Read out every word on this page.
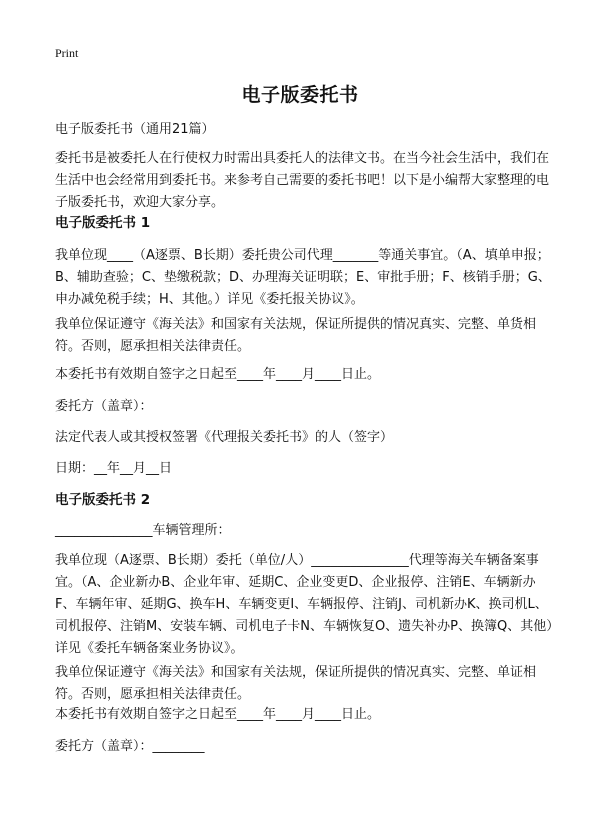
Print
电子版委托书

电子版委托书（通用21篇）

委托书是被委托人在行使权力时需出具委托人的法律文书。在当今社会生活中，我们在生活中也会经常用到委托书。来参考自己需要的委托书吧！以下是小编帮大家整理的电子版委托书，欢迎大家分享。

电子版委托书 1

我单位现____（A逐票、B长期）委托贵公司代理_______等通关事宜。（A、填单申报；B、辅助查验；C、垫缴税款；D、办理海关证明联；E、审批手册；F、核销手册；G、申办减免税手续；H、其他。）详见《委托报关协议》。

我单位保证遵守《海关法》和国家有关法规，保证所提供的情况真实、完整、单货相符。否则，愿承担相关法律责任。

本委托书有效期自签字之日起至____年____月____日止。

委托方（盖章）：

法定代表人或其授权签署《代理报关委托书》的人（签字）

日期：__年__月__日

电子版委托书 2

_______________车辆管理所：

我单位现（A逐票、B长期）委托（单位/人）_______________代理等海关车辆备案事宜。（A、企业新办B、企业年审、延期C、企业变更D、企业报停、注销E、车辆新办F、车辆年审、延期G、换车H、车辆变更I、车辆报停、注销J、司机新办K、换司机L、司机报停、注销M、安装车辆、司机电子卡N、车辆恢复O、遗失补办P、换簿Q、其他）详见《委托车辆备案业务协议》。

我单位保证遵守《海关法》和国家有关法规，保证所提供的情况真实、完整、单证相符。否则，愿承担相关法律责任。

本委托书有效期自签字之日起至____年____月____日止。

委托方（盖章）：________
